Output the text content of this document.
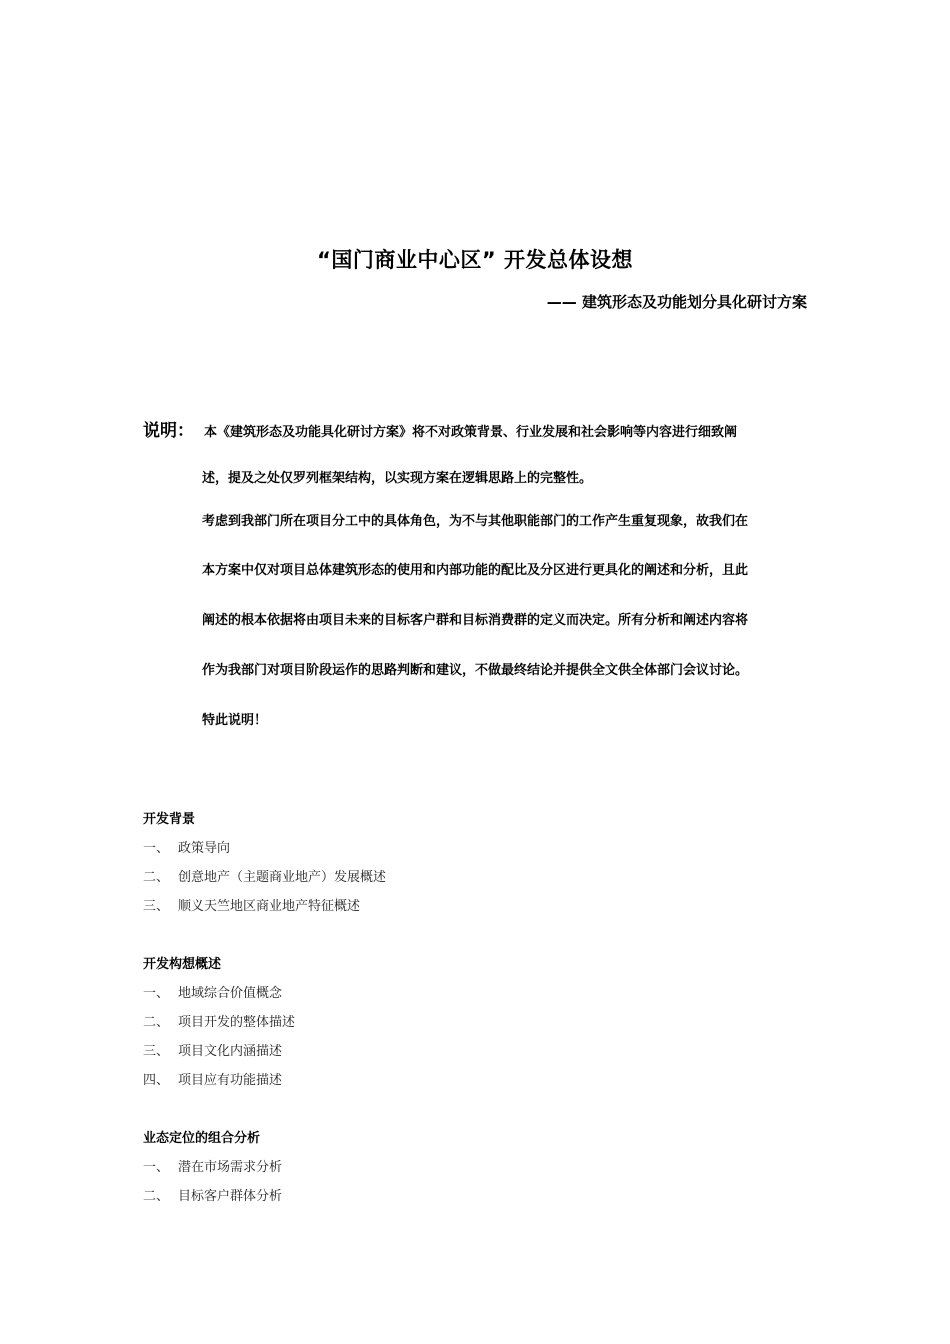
“国门商业中心区” 开发总体设想
—— 建筑形态及功能划分具化研讨方案
说明： 本《建筑形态及功能具化研讨方案》将不对政策背景、行业发展和社会影响等内容进行细致阐
述，提及之处仅罗列框架结构，以实现方案在逻辑思路上的完整性。
考虑到我部门所在项目分工中的具体角色，为不与其他职能部门的工作产生重复现象，故我们在
本方案中仅对项目总体建筑形态的使用和内部功能的配比及分区进行更具化的阐述和分析，且此
阐述的根本依据将由项目未来的目标客户群和目标消费群的定义而决定。所有分析和阐述内容将
作为我部门对项目阶段运作的思路判断和建议，不做最终结论并提供全文供全体部门会议讨论。
特此说明！
开发背景
一、 政策导向
二、 创意地产（主题商业地产）发展概述
三、 顺义天竺地区商业地产特征概述
开发构想概述
一、 地域综合价值概念
二、 项目开发的整体描述
三、 项目文化内涵描述
四、 项目应有功能描述
业态定位的组合分析
一、 潜在市场需求分析
二、 目标客户群体分析
